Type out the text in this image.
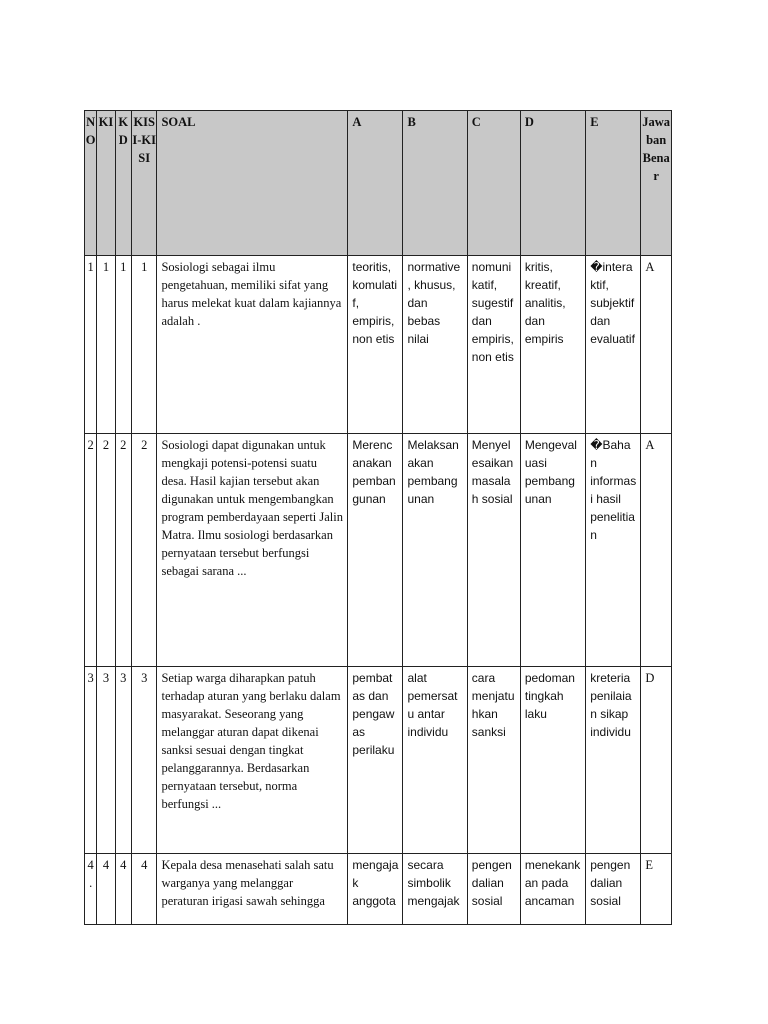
NO	KI	KD	KISI-KISI	SOAL	A	B	C	D	E	Jawaban Benar
1	1	1	1	Sosiologi sebagai ilmu pengetahuan, memiliki sifat yang harus melekat kuat dalam kajiannya adalah .	teoritis, komulatif, empiris, non etis	normative, khusus, dan bebas nilai	nomunikatif, sugestif dan empiris, non etis	kritis, kreatif, analitis, dan empiris	�interaktif, subjektif dan evaluatif	A
2	2	2	2	Sosiologi dapat digunakan untuk mengkaji potensi-potensi suatu desa. Hasil kajian tersebut akan digunakan untuk mengembangkan program pemberdayaan seperti Jalin Matra. Ilmu sosiologi berdasarkan pernyataan tersebut berfungsi sebagai sarana ...	Merencanakan pembangunan	Melaksanakan pembangunan	Menyelesaikan masalah sosial	Mengevaluasi pembangunan	�Bahan informasi hasil penelitian	A
3	3	3	3	Setiap warga diharapkan patuh terhadap aturan yang berlaku dalam masyarakat. Seseorang yang melanggar aturan dapat dikenai sanksi sesuai dengan tingkat pelanggarannya. Berdasarkan pernyataan tersebut, norma berfungsi ...	pembatas dan pengawas perilaku	alat pemersatu antar individu	cara menjatuhkan sanksi	pedoman tingkah laku	kreteria penilaian sikap individu	D
4.	4	4	4	Kepala desa menasehati salah satu warganya yang melanggar peraturan irigasi sawah sehingga	mengajak anggota	secara simbolik mengajak	pengendalian sosial	menekankan pada ancaman	pengendalian sosial	E
